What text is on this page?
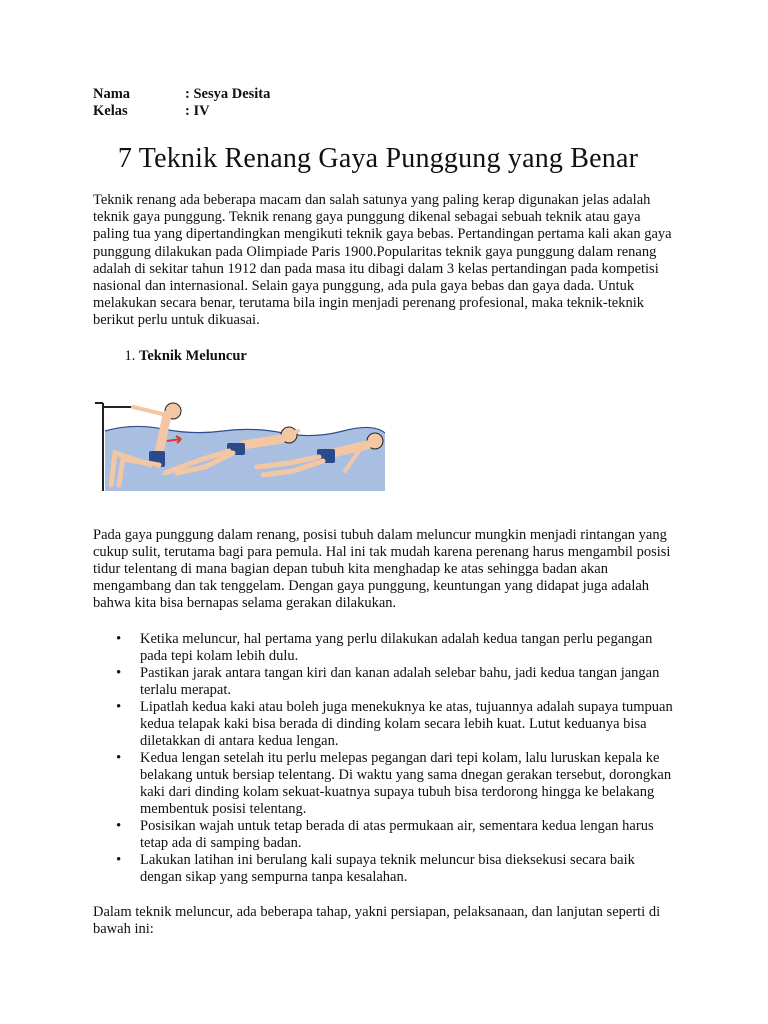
Nama	: Sesya Desita
Kelas	: IV
7 Teknik Renang Gaya Punggung yang Benar

Teknik renang ada beberapa macam dan salah satunya yang paling kerap digunakan jelas adalah teknik gaya punggung. Teknik renang gaya punggung dikenal sebagai sebuah teknik atau gaya paling tua yang dipertandingkan mengikuti teknik gaya bebas. Pertandingan pertama kali akan gaya punggung dilakukan pada Olimpiade Paris 1900.Popularitas teknik gaya punggung dalam renang adalah di sekitar tahun 1912 dan pada masa itu dibagi dalam 3 kelas pertandingan pada kompetisi nasional dan internasional. Selain gaya punggung, ada pula gaya bebas dan gaya dada. Untuk melakukan secara benar, terutama bila ingin menjadi perenang profesional, maka teknik-teknik berikut perlu untuk dikuasai.

1. Teknik Meluncur

Pada gaya punggung dalam renang, posisi tubuh dalam meluncur mungkin menjadi rintangan yang cukup sulit, terutama bagi para pemula. Hal ini tak mudah karena perenang harus mengambil posisi tidur telentang di mana bagian depan tubuh kita menghadap ke atas sehingga badan akan mengambang dan tak tenggelam. Dengan gaya punggung, keuntungan yang didapat juga adalah bahwa kita bisa bernapas selama gerakan dilakukan.

• Ketika meluncur, hal pertama yang perlu dilakukan adalah kedua tangan perlu pegangan pada tepi kolam lebih dulu.
• Pastikan jarak antara tangan kiri dan kanan adalah selebar bahu, jadi kedua tangan jangan terlalu merapat.
• Lipatlah kedua kaki atau boleh juga menekuknya ke atas, tujuannya adalah supaya tumpuan kedua telapak kaki bisa berada di dinding kolam secara lebih kuat. Lutut keduanya bisa diletakkan di antara kedua lengan.
• Kedua lengan setelah itu perlu melepas pegangan dari tepi kolam, lalu luruskan kepala ke belakang untuk bersiap telentang. Di waktu yang sama dnegan gerakan tersebut, dorongkan kaki dari dinding kolam sekuat-kuatnya supaya tubuh bisa terdorong hingga ke belakang membentuk posisi telentang.
• Posisikan wajah untuk tetap berada di atas permukaan air, sementara kedua lengan harus tetap ada di samping badan.
• Lakukan latihan ini berulang kali supaya teknik meluncur bisa dieksekusi secara baik dengan sikap yang sempurna tanpa kesalahan.

Dalam teknik meluncur, ada beberapa tahap, yakni persiapan, pelaksanaan, dan lanjutan seperti di bawah ini:
